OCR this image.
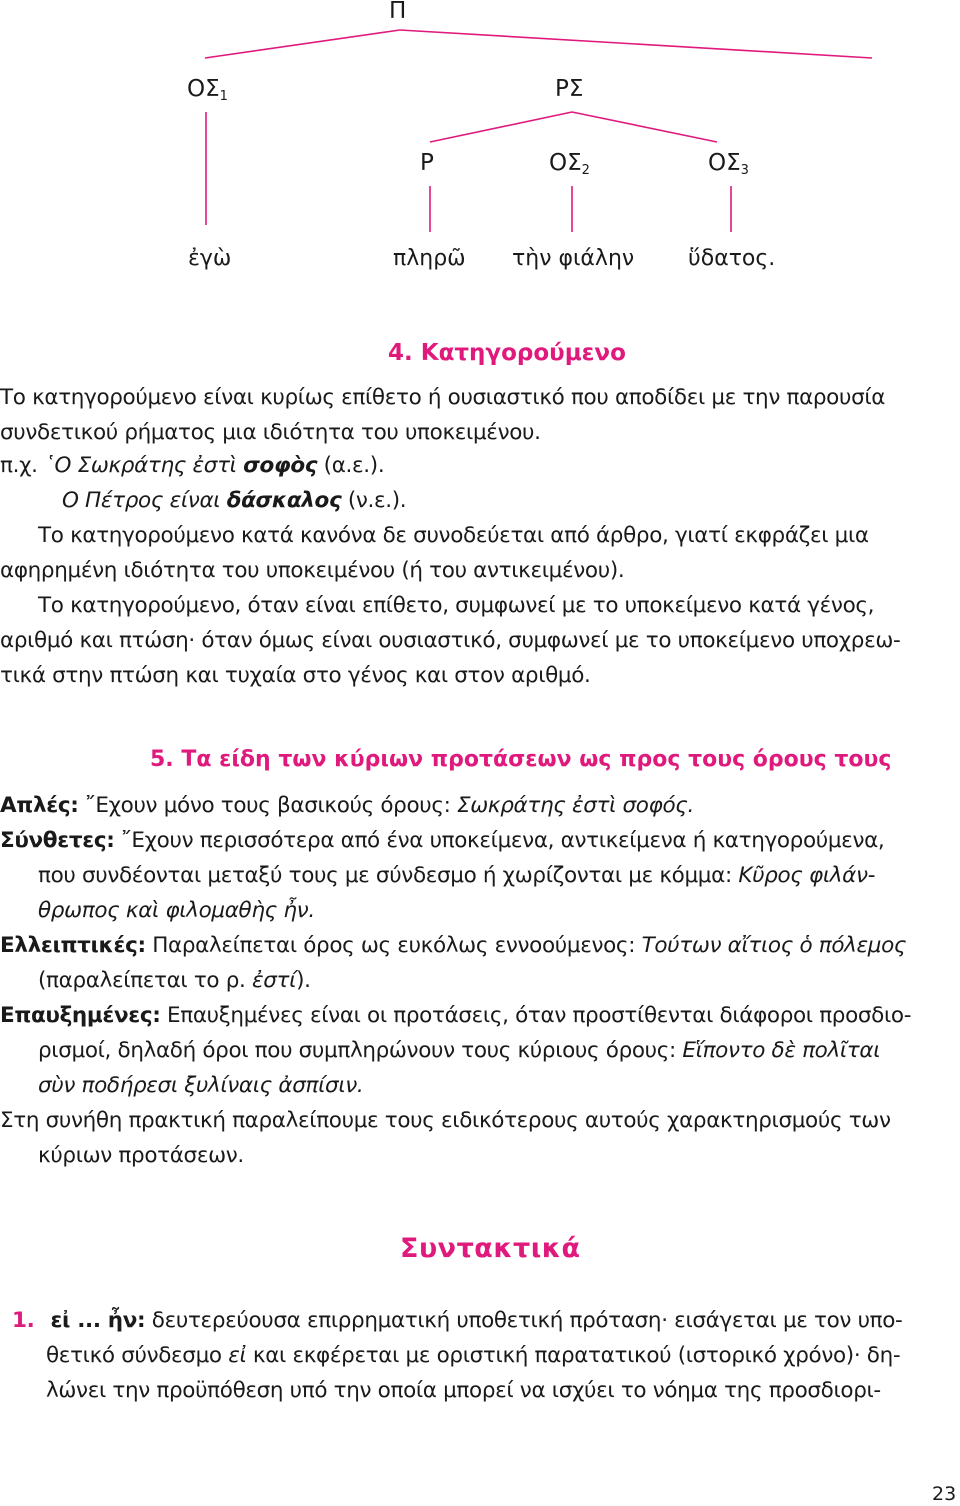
Π
$O\Sigma_1$	ΡΣ
Ρ	$O\Sigma_2$	$O\Sigma_3$
ἐγὼ	πληρῶ τὴν φιάλην ὕδατος.
4. Κατηγορούμενο
Το κατηγορούμενο είναι κυρίως επίθετο ή ουσιαστικό που αποδίδει με την παρουσία
συνδετικού ρήματος μια ιδιότητα του υποκειμένου.
π.χ. ῾Ο Σωκράτης ἐστὶ σοφὸς (α.ε.).
Ο Πέτρος είναι δάσκαλος (ν.ε.).
Το κατηγορούμενο κατά κανόνα δε συνοδεύεται από άρθρο, γιατί εκφράζει μια
αφηρημένη ιδιότητα του υποκειμένου (ή του αντικειμένου).
Το κατηγορούμενο, όταν είναι επίθετο, συμφωνεί με το υποκείμενο κατά γένος,
αριθμό και πτώση· όταν όμως είναι ουσιαστικό, συμφωνεί με το υποκείμενο υποχρεω-
τικά στην πτώση και τυχαία στο γένος και στον αριθμό.
5. Τα είδη των κύριων προτάσεων ως προς τους όρους τους
Απλές: ῎Εχουν μόνο τους βασικούς όρους: Σωκράτης ἐστὶ σοφός.
Σύνθετες: ῎Εχουν περισσότερα από ένα υποκείμενα, αντικείμενα ή κατηγορούμενα,
που συνδέονται μεταξύ τους με σύνδεσμο ή χωρίζονται με κόμμα: Κῦρος φιλάν-
θρωπος καὶ φιλομαθὴς ἦν.
Ελλειπτικές: Παραλείπεται όρος ως ευκόλως εννοούμενος: Τούτων αἴτιος ὁ πόλεμος
(παραλείπεται το ρ. ἐστί).
Επαυξημένες: Επαυξημένες είναι οι προτάσεις, όταν προστίθενται διάφοροι προσδιο-
ρισμοί, δηλαδή όροι που συμπληρώνουν τους κύριους όρους: Εἵποντο δὲ πολῖται
σὺν ποδήρεσι ξυλίναις ἀσπίσιν.
Στη συνήθη πρακτική παραλείπουμε τους ειδικότερους αυτούς χαρακτηρισμούς των
κύριων προτάσεων.
Συντακτικά
1. εἰ ... ἦν: δευτερεύουσα επιρρηματική υποθετική πρόταση· εισάγεται με τον υπο-
θετικό σύνδεσμο εἰ και εκφέρεται με οριστική παρατατικού (ιστορικό χρόνο)· δη-
λώνει την προϋπόθεση υπό την οποία μπορεί να ισχύει το νόημα της προσδιορι-
23
